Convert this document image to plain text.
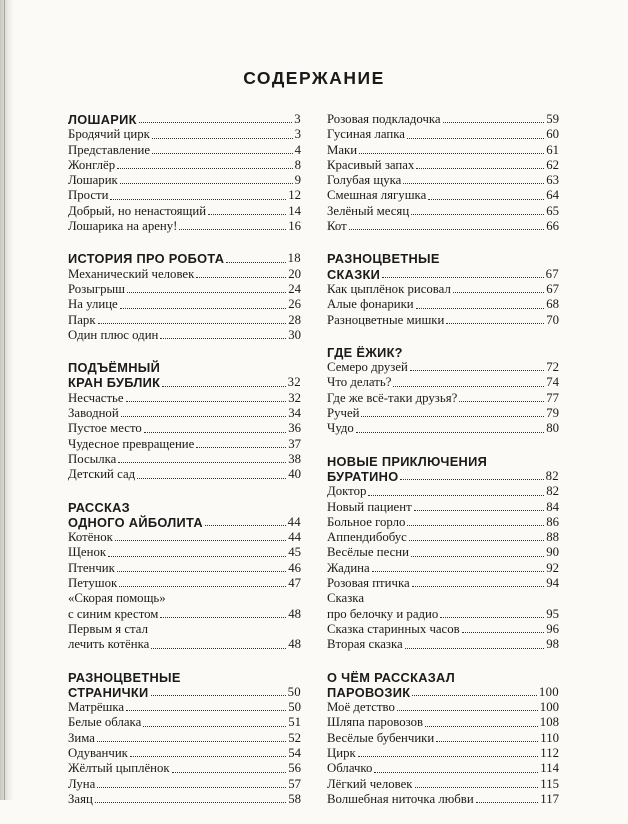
СОДЕРЖАНИЕ
ЛОШАРИК	3
Бродячий цирк	3
Представление	4
Жонглёр	8
Лошарик	9
Прости	12
Добрый, но ненастоящий	14
Лошарика на арену!	16
ИСТОРИЯ ПРО РОБОТА	18
Механический человек	20
Розыгрыш	24
На улице	26
Парк	28
Один плюс один	30
ПОДЪЁМНЫЙ
КРАН БУБЛИК	32
Несчастье	32
Заводной	34
Пустое место	36
Чудесное превращение	37
Посылка	38
Детский сад	40
РАССКАЗ
ОДНОГО АЙБОЛИТА	44
Котёнок	44
Щенок	45
Птенчик	46
Петушок	47
«Скорая помощь»
с синим крестом	48
Первым я стал
лечить котёнка	48
РАЗНОЦВЕТНЫЕ
СТРАНИЧКИ	50
Матрёшка	50
Белые облака	51
Зима	52
Одуванчик	54
Жёлтый цыплёнок	56
Луна	57
Заяц	58
Розовая подкладочка	59
Гусиная лапка	60
Маки	61
Красивый запах	62
Голубая щука	63
Смешная лягушка	64
Зелёный месяц	65
Кот	66
РАЗНОЦВЕТНЫЕ
СКАЗКИ	67
Как цыплёнок рисовал	67
Алые фонарики	68
Разноцветные мишки	70
ГДЕ ЁЖИК?
Семеро друзей	72
Что делать?	74
Где же всё-таки друзья?	77
Ручей	79
Чудо	80
НОВЫЕ ПРИКЛЮЧЕНИЯ
БУРАТИНО	82
Доктор	82
Новый пациент	84
Больное горло	86
Аппендибобус	88
Весёлые песни	90
Жадина	92
Розовая птичка	94
Сказка
про белочку и радио	95
Сказка старинных часов	96
Вторая сказка	98
О ЧЁМ РАССКАЗАЛ
ПАРОВОЗИК	100
Моё детство	100
Шляпа паровозов	108
Весёлые бубенчики	110
Цирк	112
Облачко	114
Лёгкий человек	115
Волшебная ниточка любви	117
